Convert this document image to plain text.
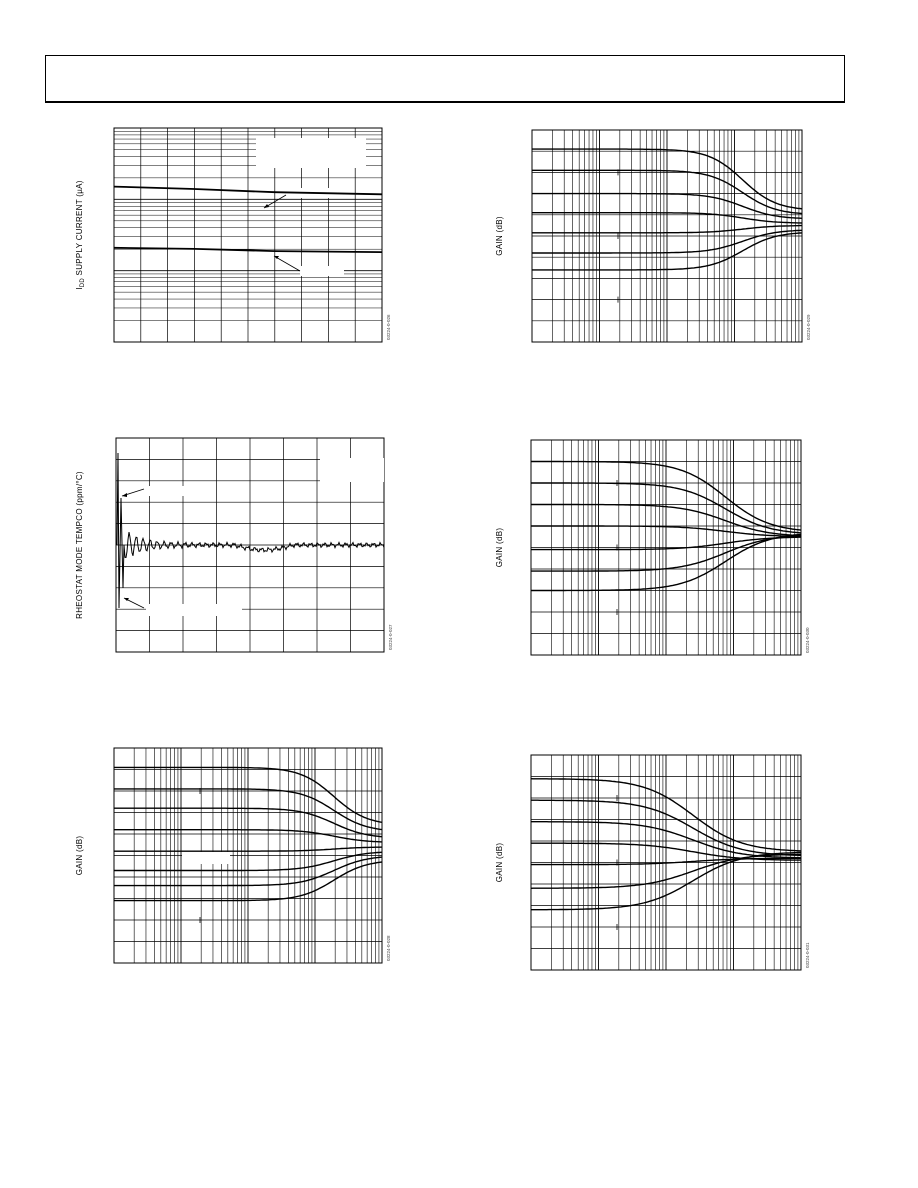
$I_{DD}$ SUPPLY CURRENT (µA)
03224-0-026
RHEOSTAT MODE TEMPCO (ppm/°C)
03224-0-027
GAIN (dB)
03224-0-028
GAIN (dB)
03224-0-029
GAIN (dB)
03224-0-030
GAIN (dB)
03224-0-031
